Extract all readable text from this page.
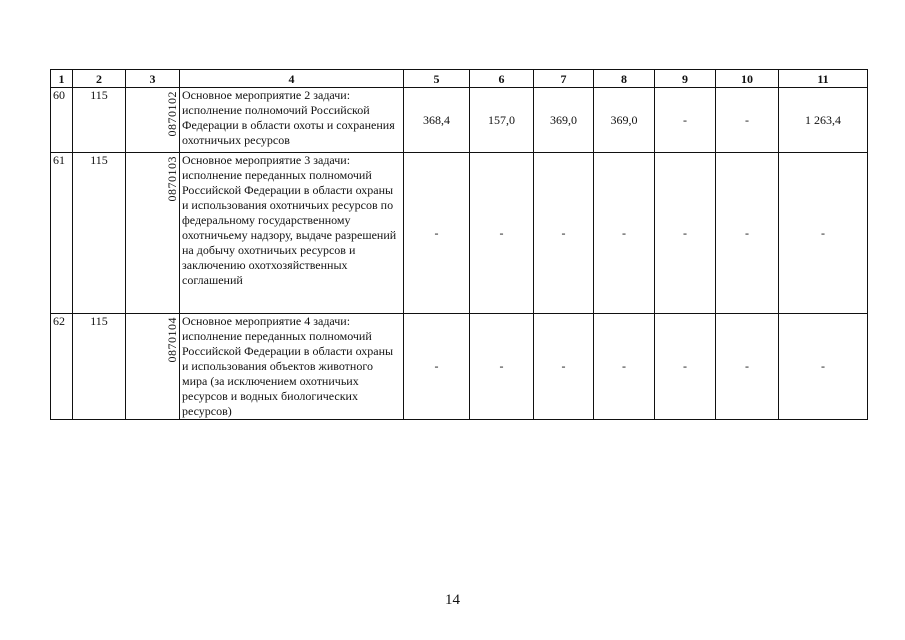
1	2	3	4	5	6	7	8	9	10	11
60	115	0870102	Основное мероприятие 2 задачи: исполнение полномочий Российской Федерации в области охоты и сохранения охотничьих ресурсов	368,4	157,0	369,0	369,0	-	-	1 263,4
61	115	0870103	Основное мероприятие 3 задачи: исполнение переданных полномочий Российской Федерации в области охраны и использования охотничьих ресурсов по федеральному государственному охотничьему надзору, выдаче разрешений на добычу охотничьих ресурсов и заключению охотхозяйственных соглашений	-	-	-	-	-	-	-
62	115	0870104	Основное мероприятие 4 задачи: исполнение переданных полномочий Российской Федерации в области охраны и использования объектов животного мира (за исключением охотничьих ресурсов и водных биологических ресурсов)	-	-	-	-	-	-	-
14
